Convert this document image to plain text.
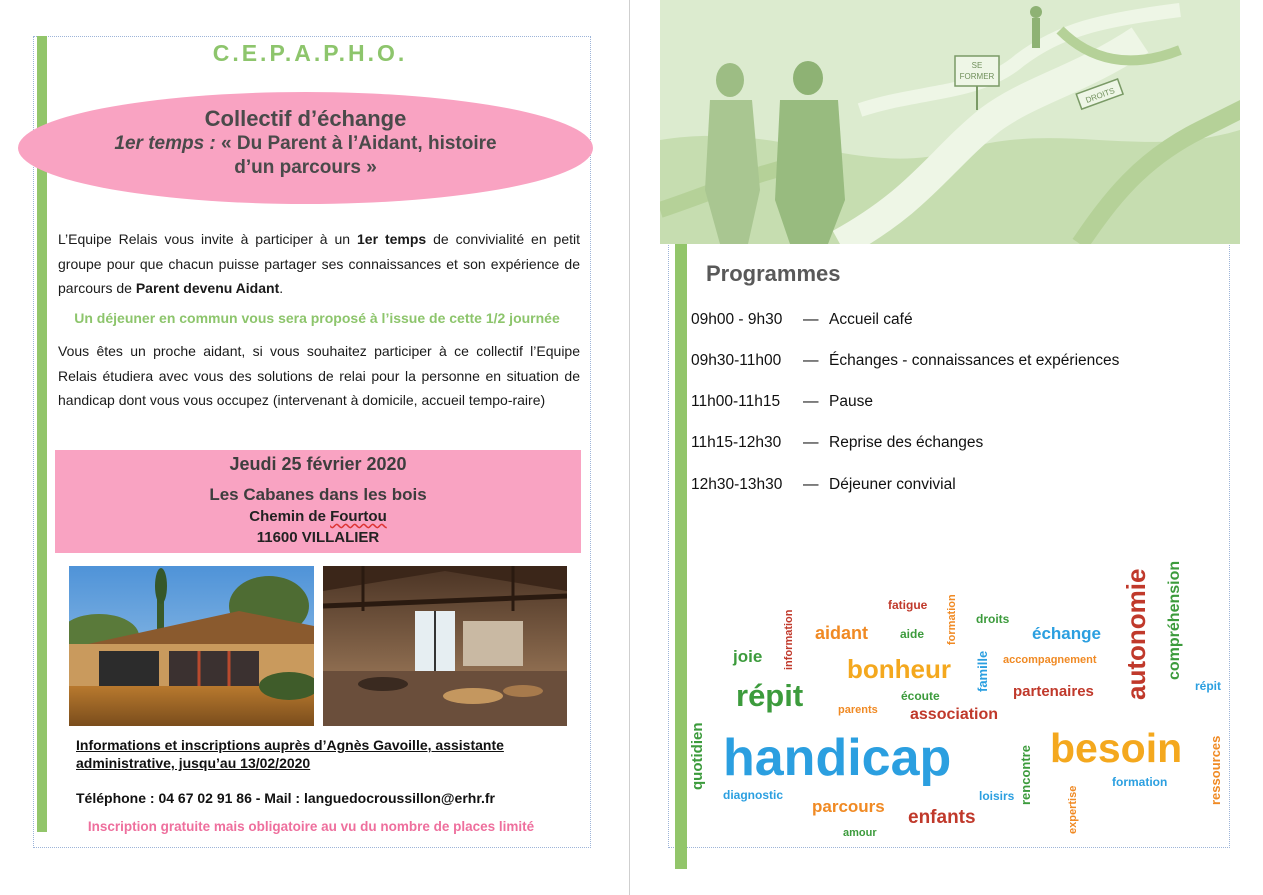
C.E.P.A.P.H.O.
Collectif d’échange
1er temps : « Du Parent à l’Aidant, histoire
d’un parcours »
L’Equipe Relais vous invite à participer à un 1er temps de convivialité en petit groupe pour que chacun puisse partager ses connaissances et son expérience de parcours de Parent devenu Aidant.
Un déjeuner en commun vous sera proposé à l’issue de cette 1/2 journée
Vous êtes un proche aidant, si vous souhaitez participer à ce collectif l’Equipe Relais étudiera avec vous des solutions de relai pour la personne en situation de handicap dont vous vous occupez (intervenant à domicile, accueil tempo-raire)
Jeudi 25 février 2020
Les Cabanes dans les bois
Chemin de Fourtou
11600 VILLALIER
Informations et inscriptions auprès d’Agnès Gavoille, assistante
administrative, jusqu’au 13/02/2020
Téléphone : 04 67 02 91 86 - Mail : languedocroussillon@erhr.fr
Inscription gratuite mais obligatoire au vu du nombre de places limité
SE
FORMER
DROITS
Programmes
09h00 - 9h30 — Accueil café
09h30-11h00 — Échanges - connaissances et expériences
11h00-11h15 — Pause
11h15-12h30 — Reprise des échanges
12h30-13h30 — Déjeuner convivial
handicap besoin
répit
bonheur
aidant	échange
partenaires
association
enfants
parcours
joie
fatigue
aide
droits
accompagnement
écoute
parents
diagnostic
amour
loisirs
formation
répit
autonomie compréhension
information	formation
famille
quotidien	rencontre
expertise
ressources
